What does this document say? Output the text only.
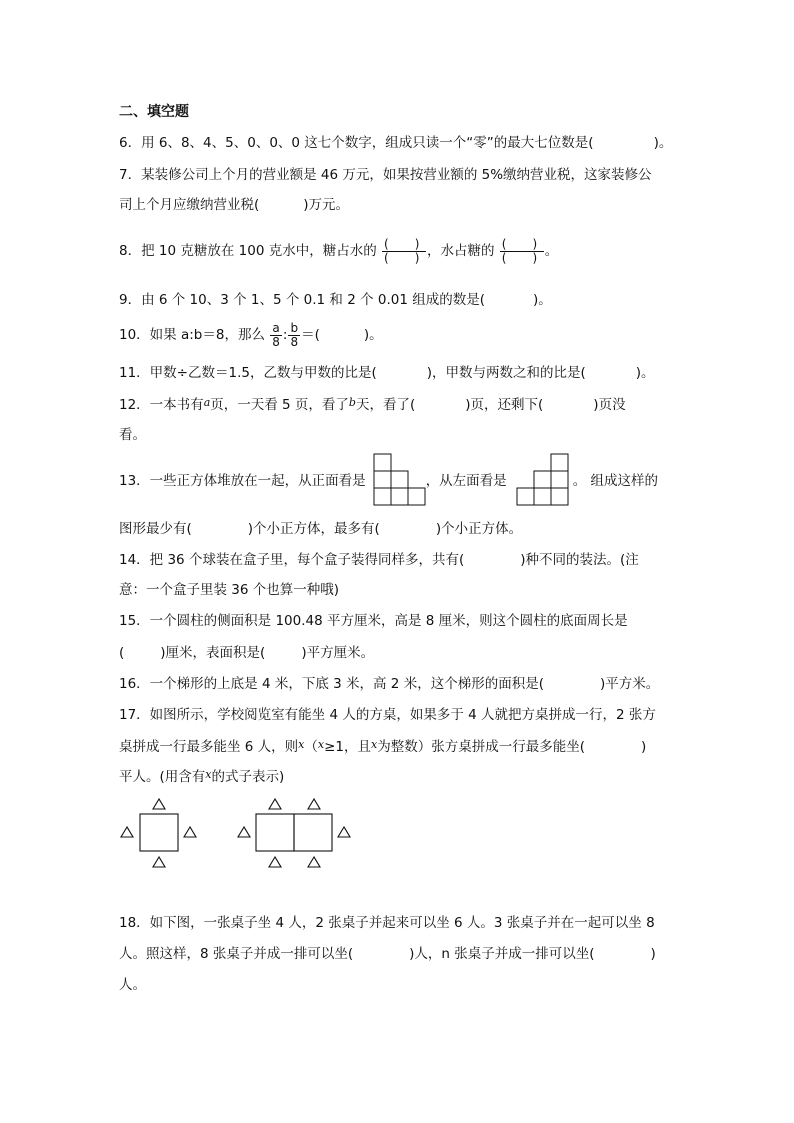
二、填空题
6．用 6、8、4、5、0、0、0 这七个数字，组成只读一个“零”的最大七位数是(	)。
7．某装修公司上个月的营业额是 46 万元，如果按营业额的 5%缴纳营业税，这家装修公
司上个月应缴纳营业税(	)万元。
8．把 10 克糖放在 100 克水中，糖占水的 $\frac{( )}{( )}$ ，水占糖的 $\frac{( )}{( )}$ 。
9．由 6 个 10、3 个 1、5 个 0.1 和 2 个 0.01 组成的数是(	)。
10．如果 a:b＝8，那么 $\frac{a}{8}$ : $\frac{b}{8}$ ＝(	)。
11．甲数÷乙数＝1.5，乙数与甲数的比是(	)，甲数与两数之和的比是(	)。
12．一本书有$^a$页，一天看 5 页，看了$^b$天，看了(	)页，还剩下(	)页没
看。
13．一些正方体堆放在一起，从正面看是	，从左面看是	。 组成这样的
图形最少有(	)个小正方体，最多有(	)个小正方体。
14．把 36 个球装在盒子里，每个盒子装得同样多，共有(	)种不同的装法。(注
意：一个盒子里装 36 个也算一种哦)
15．一个圆柱的侧面积是 100.48 平方厘米，高是 8 厘米，则这个圆柱的底面周长是
(	)厘米，表面积是(	)平方厘米。
16．一个梯形的上底是 4 米，下底 3 米，高 2 米，这个梯形的面积是(	)平方米。
17．如图所示，学校阅览室有能坐 4 人的方桌，如果多于 4 人就把方桌拼成一行，2 张方
桌拼成一行最多能坐 6 人，则$^x$（$^x$≥1，且$^x$为整数）张方桌拼成一行最多能坐(	)
平人。(用含有$^x$的式子表示)
18．如下图，一张桌子坐 4 人，2 张桌子并起来可以坐 6 人。3 张桌子并在一起可以坐 8
人。照这样，8 张桌子并成一排可以坐(	)人，n 张桌子并成一排可以坐(	)
人。
